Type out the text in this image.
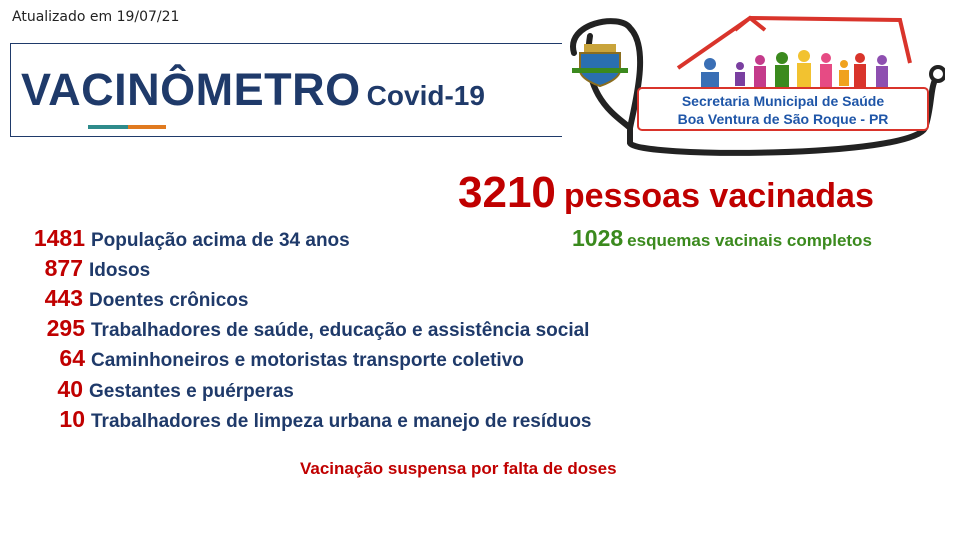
Atualizado em 19/07/21
VACINÔMETRO Covid-19	Secretaria Municipal de Saúde
Boa Ventura de São Roque - PR
3210 pessoas vacinadas
1028 esquemas vacinais completos
1481 População acima de 34 anos
877 Idosos
443 Doentes crônicos
295 Trabalhadores de saúde, educação e assistência social
64 Caminhoneiros e motoristas transporte coletivo
40 Gestantes e puérperas
10 Trabalhadores de limpeza urbana e manejo de resíduos
Vacinação suspensa por falta de doses
